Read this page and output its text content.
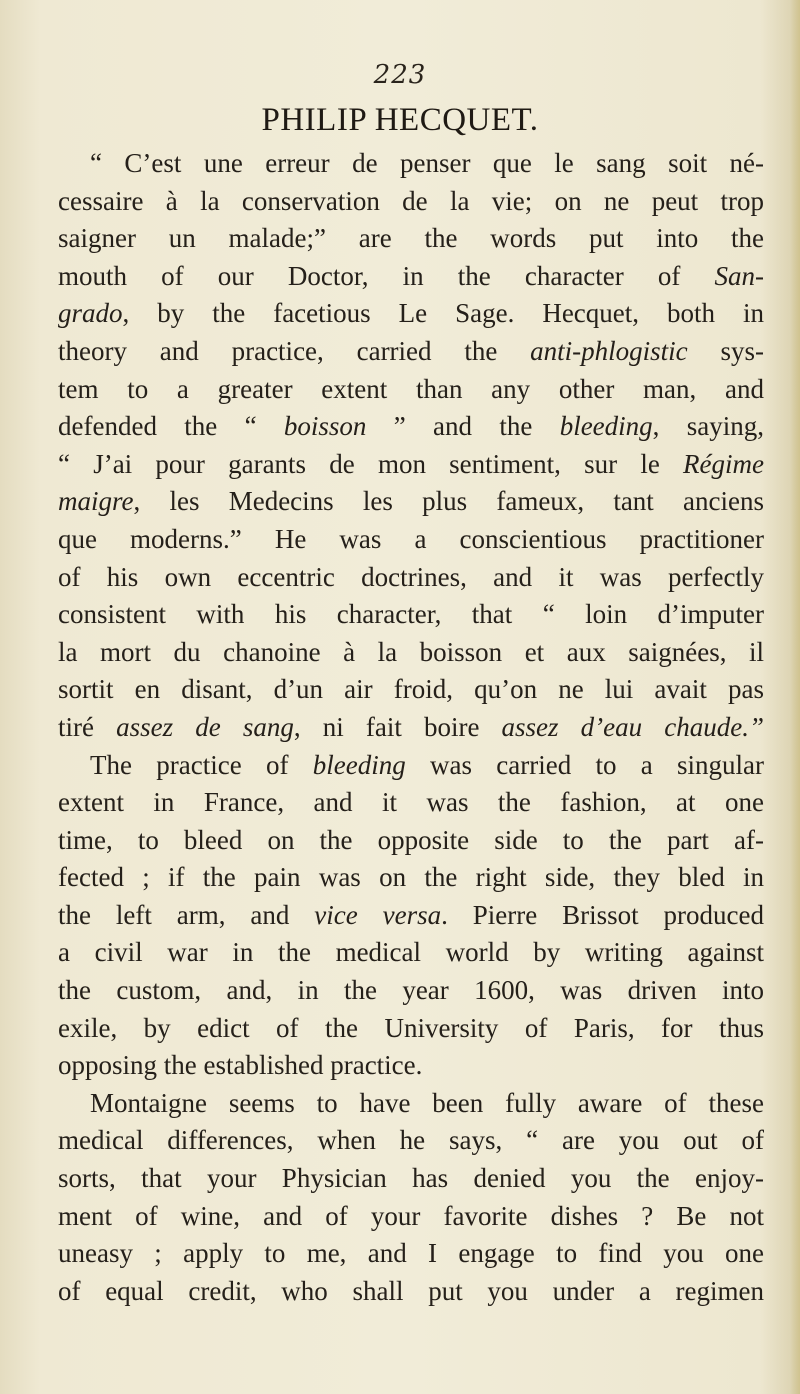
223
PHILIP HECQUET.
“ C’est une erreur de penser que le sang soit né-
cessaire à la conservation de la vie; on ne peut trop
saigner un malade;” are the words put into the
mouth of our Doctor, in the character of San-
grado, by the facetious Le Sage. Hecquet, both in
theory and practice, carried the anti-phlogistic sys-
tem to a greater extent than any other man, and
defended the “ boisson ” and the bleeding, saying,
“ J’ai pour garants de mon sentiment, sur le Régime
maigre, les Medecins les plus fameux, tant anciens
que moderns.” He was a conscientious practitioner
of his own eccentric doctrines, and it was perfectly
consistent with his character, that “ loin d’imputer
la mort du chanoine à la boisson et aux saignées, il
sortit en disant, d’un air froid, qu’on ne lui avait pas
tiré assez de sang, ni fait boire assez d’eau chaude.”
The practice of bleeding was carried to a singular
extent in France, and it was the fashion, at one
time, to bleed on the opposite side to the part af-
fected ; if the pain was on the right side, they bled in
the left arm, and vice versa. Pierre Brissot produced
a civil war in the medical world by writing against
the custom, and, in the year 1600, was driven into
exile, by edict of the University of Paris, for thus
opposing the established practice.
Montaigne seems to have been fully aware of these
medical differences, when he says, “ are you out of
sorts, that your Physician has denied you the enjoy-
ment of wine, and of your favorite dishes ? Be not
uneasy ; apply to me, and I engage to find you one
of equal credit, who shall put you under a regimen
